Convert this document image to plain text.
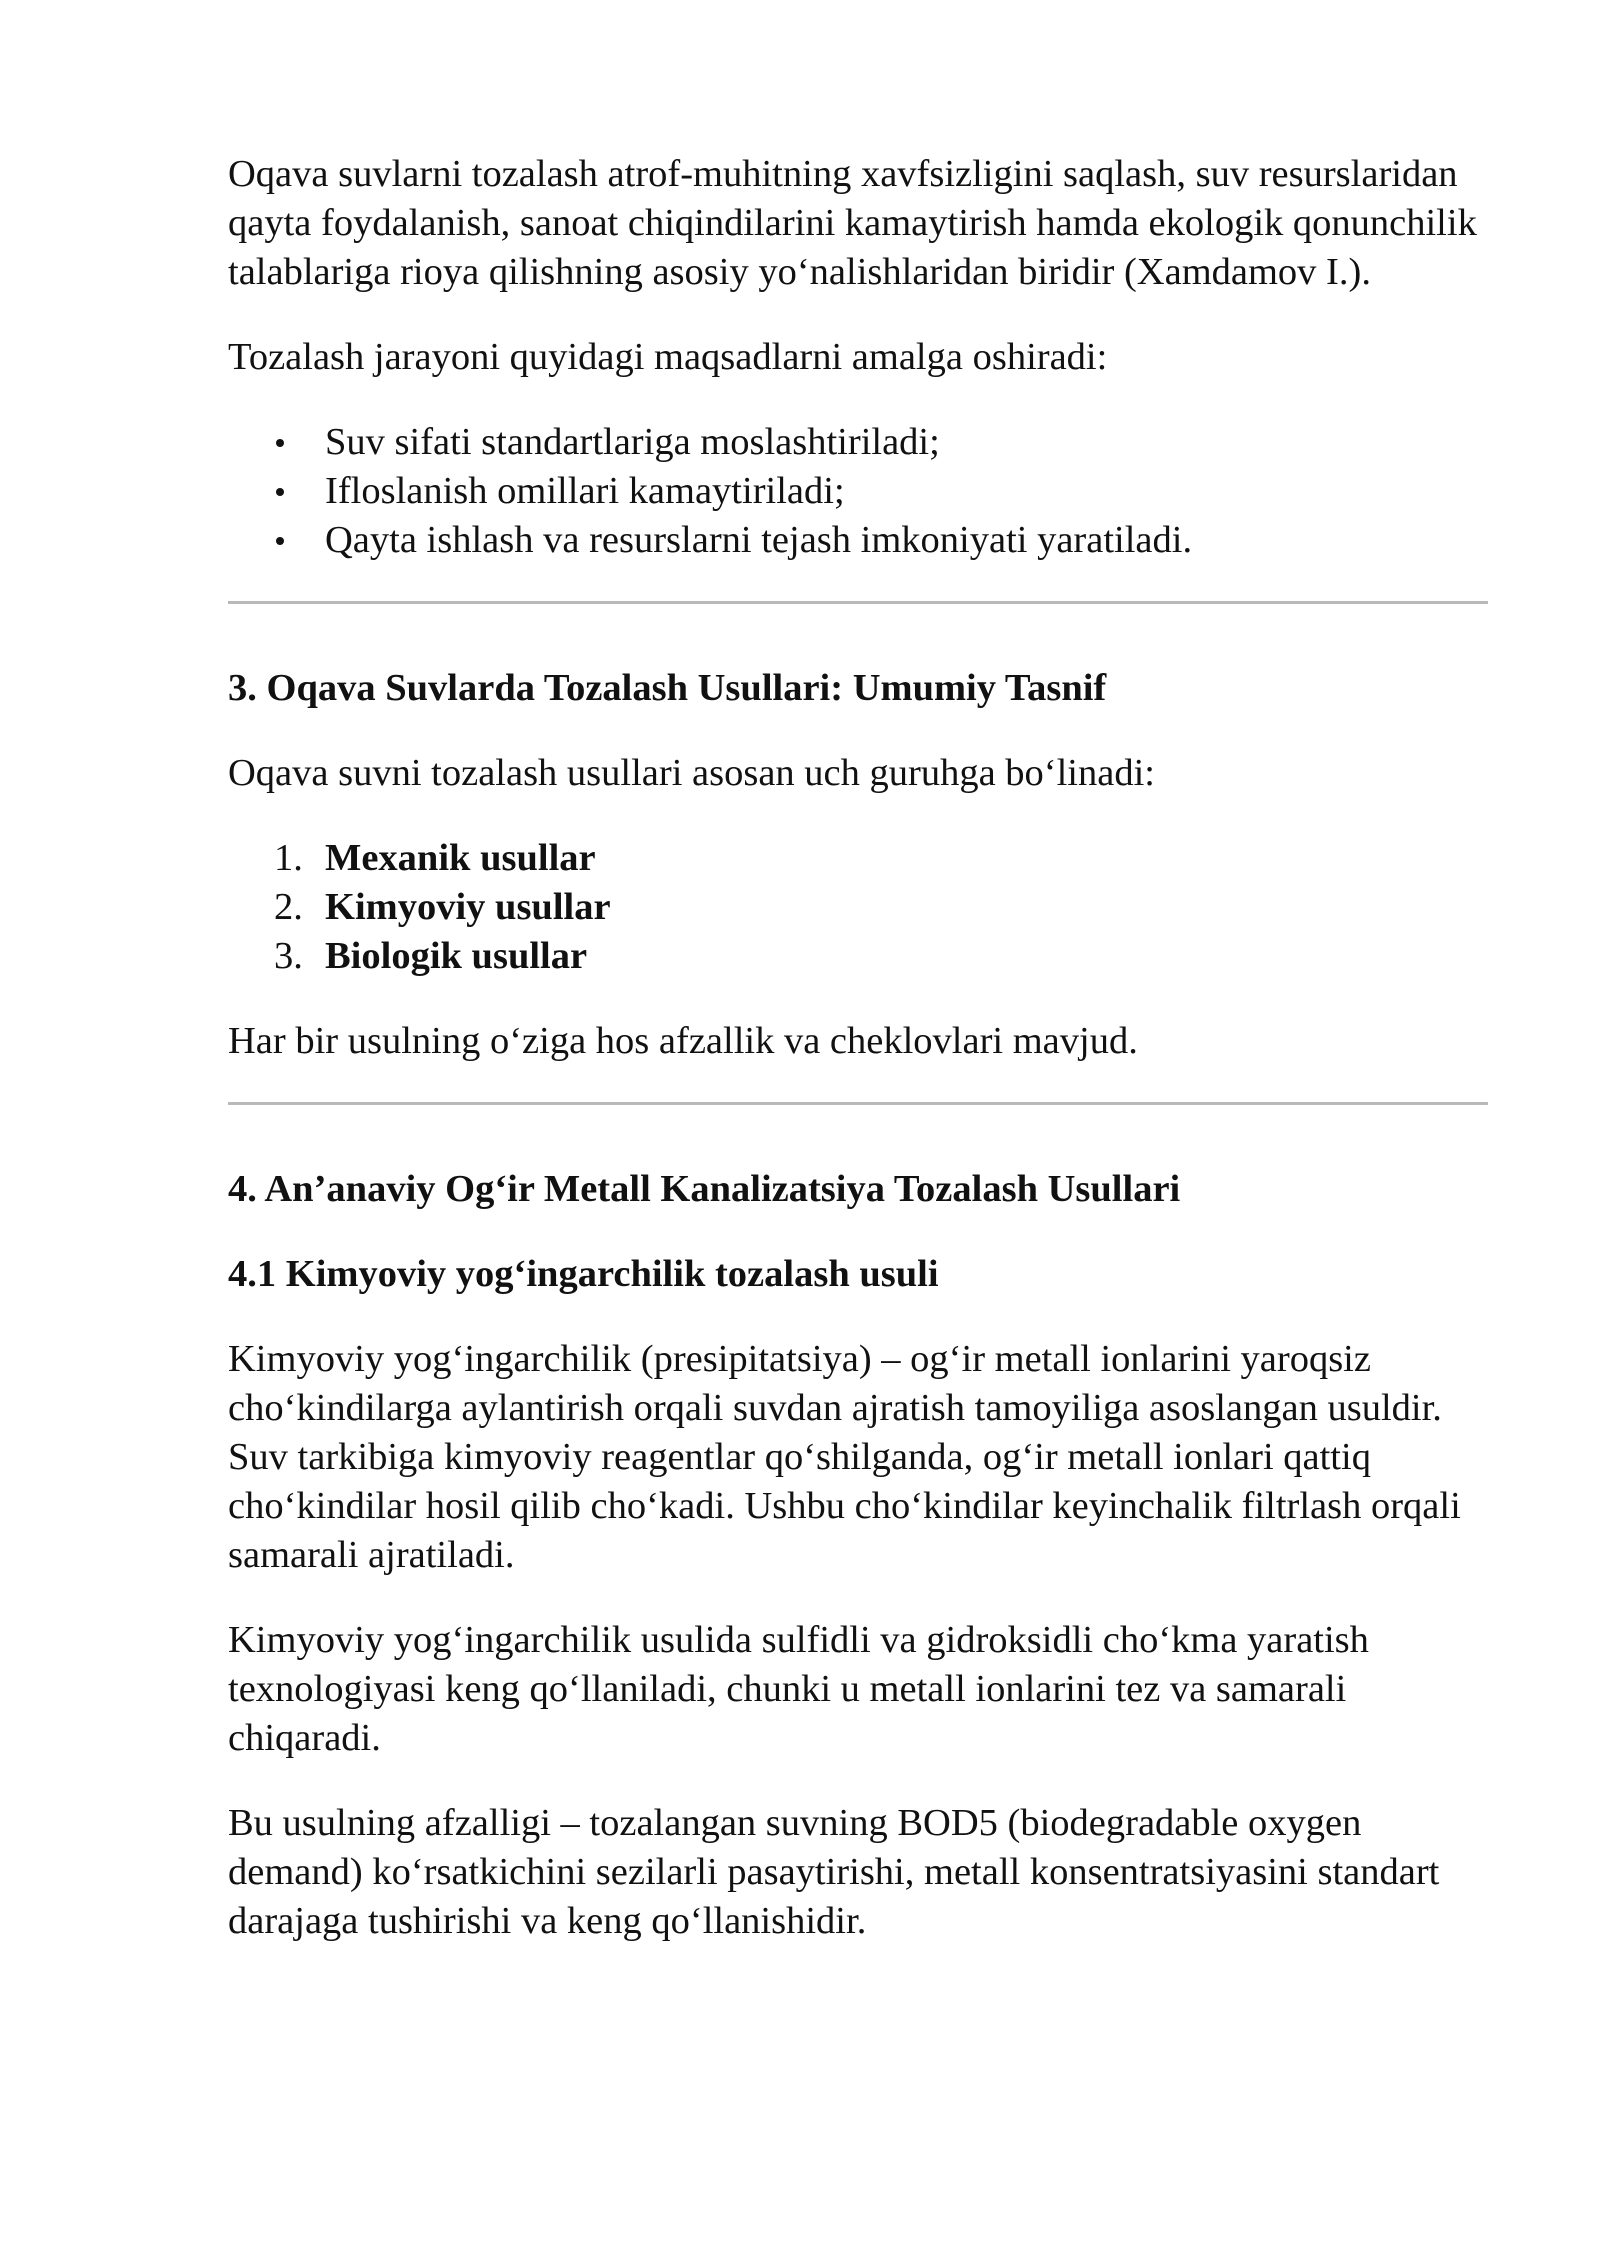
Oqava suvlarni tozalash atrof-muhitning xavfsizligini saqlash, suv resurslaridan qayta foydalanish, sanoat chiqindilarini kamaytirish hamda ekologik qonunchilik talablariga rioya qilishning asosiy yo‘nalishlaridan biridir (Xamdamov I.).

Tozalash jarayoni quyidagi maqsadlarni amalga oshiradi:

Suv sifati standartlariga moslashtiriladi;
Ifloslanish omillari kamaytiriladi;
Qayta ishlash va resurslarni tejash imkoniyati yaratiladi.
3. Oqava Suvlarda Tozalash Usullari: Umumiy Tasnif

Oqava suvni tozalash usullari asosan uch guruhga bo‘linadi:

1. Mexanik usullar
2. Kimyoviy usullar
3. Biologik usullar

Har bir usulning o‘ziga hos afzallik va cheklovlari mavjud.

4. An’anaviy Og‘ir Metall Kanalizatsiya Tozalash Usullari
4.1 Kimyoviy yog‘ingarchilik tozalash usuli

Kimyoviy yog‘ingarchilik (presipitatsiya) – og‘ir metall ionlarini yaroqsiz cho‘kindilarga aylantirish orqali suvdan ajratish tamoyiliga asoslangan usuldir. Suv tarkibiga kimyoviy reagentlar qo‘shilganda, og‘ir metall ionlari qattiq cho‘kindilar hosil qilib cho‘kadi. Ushbu cho‘kindilar keyinchalik filtrlash orqali samarali ajratiladi.

Kimyoviy yog‘ingarchilik usulida sulfidli va gidroksidli cho‘kma yaratish texnologiyasi keng qo‘llaniladi, chunki u metall ionlarini tez va samarali chiqaradi.

Bu usulning afzalligi – tozalangan suvning BOD5 (biodegradable oxygen demand) ko‘rsatkichini sezilarli pasaytirishi, metall konsentratsiyasini standart darajaga tushirishi va keng qo‘llanishidir.
